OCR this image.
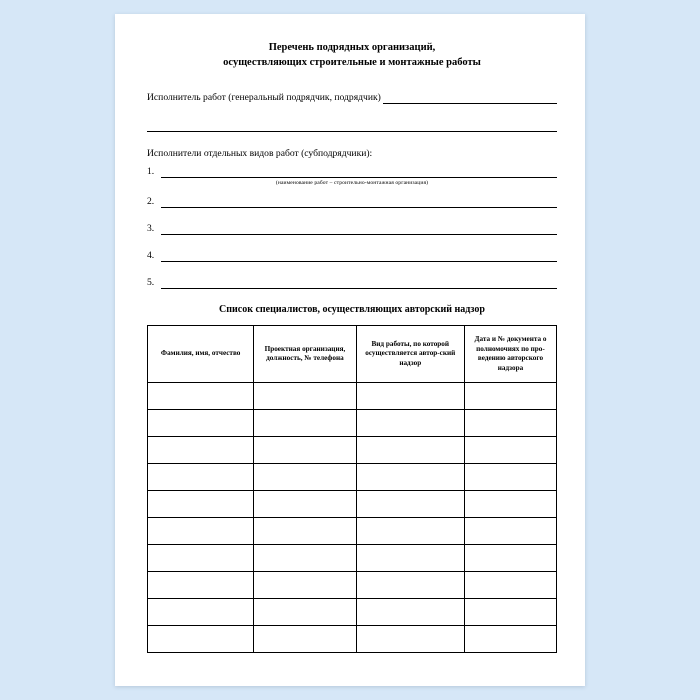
Перечень подрядных организаций,
осуществляющих строительные и монтажные работы
Исполнитель работ (генеральный подрядчик, подрядчик)
Исполнители отдельных видов работ (субподрядчики):
1.
(наименование работ – строительно-монтажная организация)
2.
3.
4.
5.
Список специалистов, осуществляющих авторский надзор
Фамилия, имя, отчество	Проектная организация, должность, № телефона	Вид работы, по которой осуществляется автор-ский надзор	Дата и № документа о полномочиях по про-ведению авторского надзора
